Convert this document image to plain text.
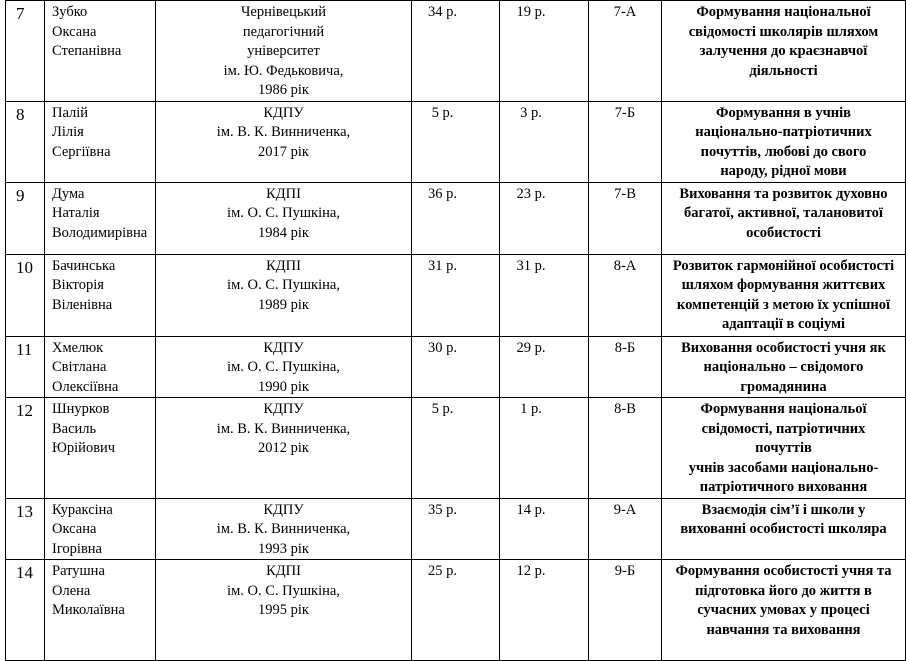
7	Зубко
Оксана
Степанівна	Чернівецький
педагогічний
університет
ім. Ю. Федьковича,
1986 рік	34 р.	19 р.	7-А	Формування національної
свідомості школярів шляхом
залучення до краєзнавчої
діяльності

8	Палій
Лілія
Сергіївна	КДПУ
ім. В. К. Винниченка,
2017 рік	5 р.	3 р.	7-Б	Формування в учнів
національно-патріотичних
почуттів, любові до свого
народу, рідної мови

9	Дума
Наталія
Володимирівна	КДПІ
ім. О. С. Пушкіна,
1984 рік	36 р.	23 р.	7-В	Виховання та розвиток духовно
багатої, активної, талановитої
особистості

10	Бачинська
Вікторія
Віленівна	КДПІ
ім. О. С. Пушкіна,
1989 рік	31 р.	31 р.	8-А	Розвиток гармонійної особистості
шляхом формування життєвих
компетенцій з метою їх успішної
адаптації в соціумі

11	Хмелюк
Світлана
Олексіївна	КДПУ
ім. О. С. Пушкіна,
1990 рік	30 р.	29 р.	8-Б	Виховання особистості учня як
національно – свідомого
громадянина

12	Шнурков
Василь
Юрійович	КДПУ
ім. В. К. Винниченка,
2012 рік	5 р.	1 р.	8-В	Формування національої
свідомості, патріотичних почуттів
учнів засобами національно-
патріотичного виховання

13	Кураксіна
Оксана
Ігорівна	КДПУ
ім. В. К. Винниченка,
1993 рік	35 р.	14 р.	9-А	Взаємодія сім’ї і школи у
вихованні особистості школяра

14	Ратушна
Олена
Миколаївна	КДПІ
ім. О. С. Пушкіна,
1995 рік	25 р.	12 р.	9-Б	Формування особистості учня та
підготовка його до життя в
сучасних умовах у процесі
навчання та виховання
